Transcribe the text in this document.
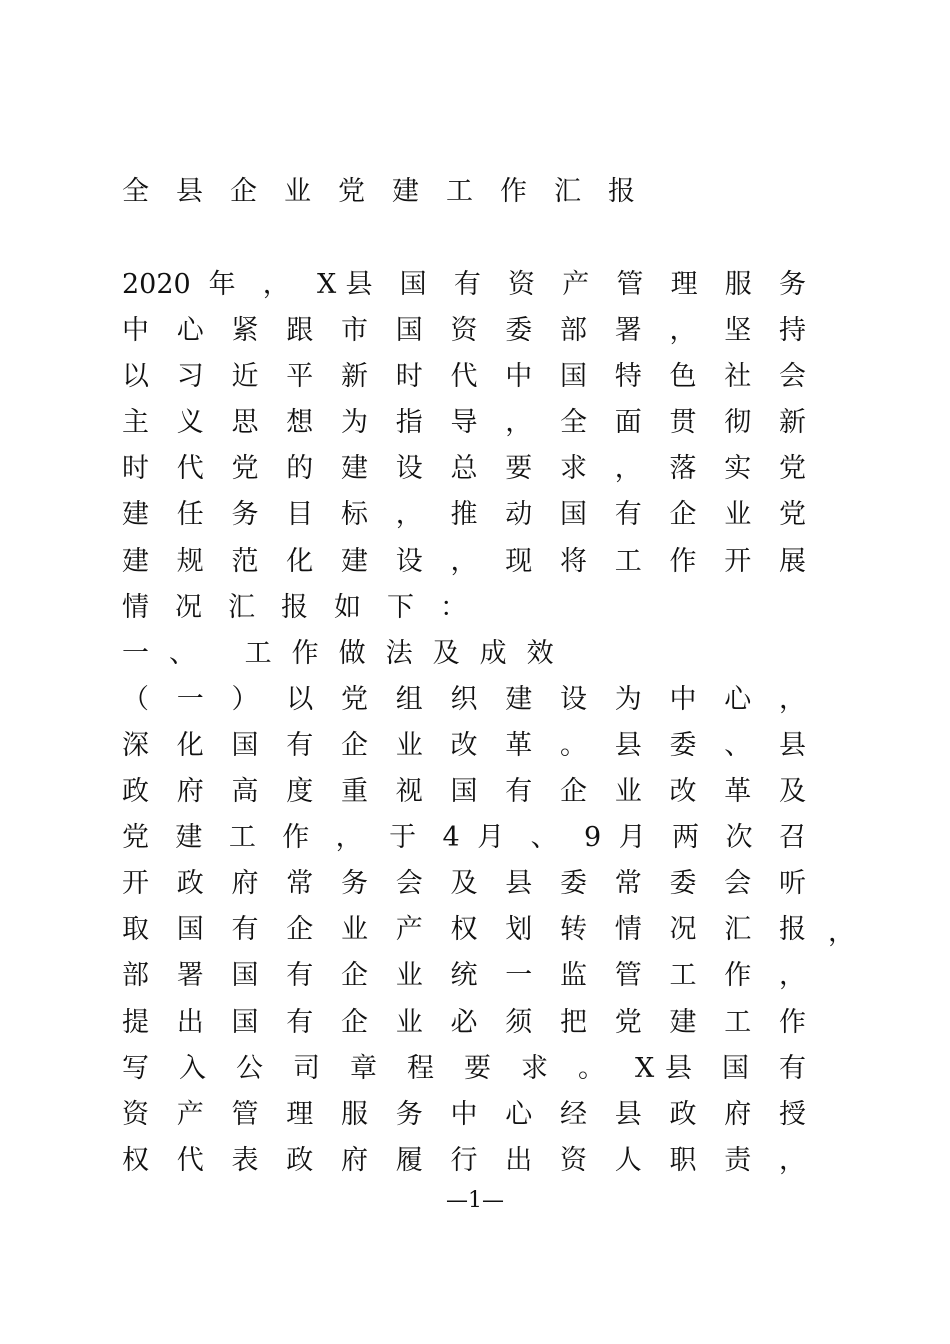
全县企业党建工作汇报
2020 年 ， X县 国 有 资 产 管 理 服 务
中 心 紧 跟 市 国 资 委 部 署 ， 坚 持
以 习 近 平 新 时 代 中 国 特 色 社 会
主 义 思 想 为 指 导 ， 全 面 贯 彻 新
时 代 党 的 建 设 总 要 求 ， 落 实 党
建 任 务 目 标 ， 推 动 国 有 企 业 党
建 规 范 化 建 设 ， 现 将 工 作 开 展
情况汇报如下：
一、 工作做法及成效
（ 一 ） 以 党 组 织 建 设 为 中 心 ，
深 化 国 有 企 业 改 革 。 县 委 、 县
政 府 高 度 重 视 国 有 企 业 改 革 及
党 建 工 作 ， 于 4 月 、 9 月 两 次 召
开 政 府 常 务 会 及 县 委 常 委 会 听
取 国 有 企 业 产 权 划 转 情 况 汇 报
部 署 国 有 企 业 统 一 监 管 工 作 ，
提 出 国 有 企 业 必 须 把 党 建 工 作
写 入 公 司 章 程 要 求 。 X县 国 有
资 产 管 理 服 务 中 心 经 县 政 府 授
权 代 表 政 府 履 行 出 资 人 职 责 ，
，
—1—
